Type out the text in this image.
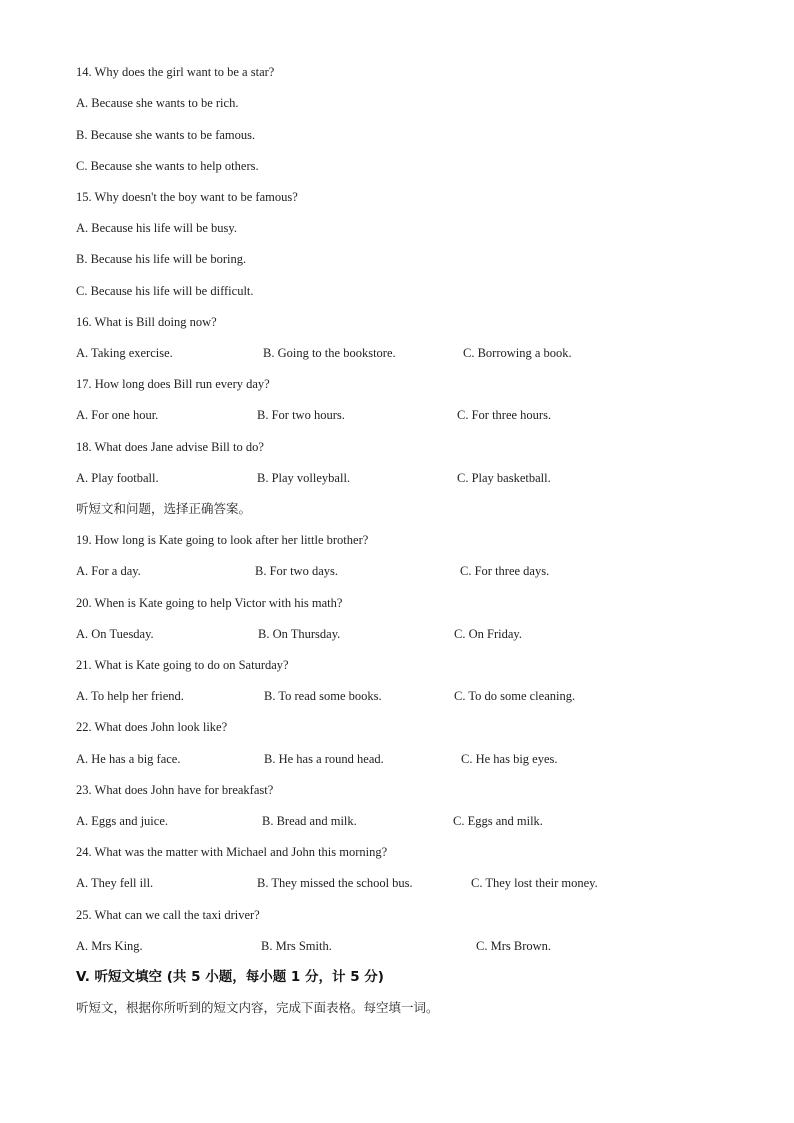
14. Why does the girl want to be a star?
A. Because she wants to be rich.
B. Because she wants to be famous.
C. Because she wants to help others.
15. Why doesn't the boy want to be famous?
A. Because his life will be busy.
B. Because his life will be boring.
C. Because his life will be difficult.
16. What is Bill doing now?
A. Taking exercise.	B. Going to the bookstore.	C. Borrowing a book.
17. How long does Bill run every day?
A. For one hour.	B. For two hours.	C. For three hours.
18. What does Jane advise Bill to do?
A. Play football.	B. Play volleyball.	C. Play basketball.
听短文和问题，选择正确答案。
19. How long is Kate going to look after her little brother?
A. For a day.	B. For two days.	C. For three days.
20. When is Kate going to help Victor with his math?
A. On Tuesday.	B. On Thursday.	C. On Friday.
21. What is Kate going to do on Saturday?
A. To help her friend.	B. To read some books.	C. To do some cleaning.
22. What does John look like?
A. He has a big face.	B. He has a round head.	C. He has big eyes.
23. What does John have for breakfast?
A. Eggs and juice.	B. Bread and milk.	C. Eggs and milk.
24. What was the matter with Michael and John this morning?
A. They fell ill.	B. They missed the school bus.	C. They lost their money.
25. What can we call the taxi driver?
A. Mrs King.	B. Mrs Smith.	C. Mrs Brown.
V. 听短文填空 (共 5 小题，每小题 1 分，计 5 分)
听短文，根据你所听到的短文内容，完成下面表格。每空填一词。
